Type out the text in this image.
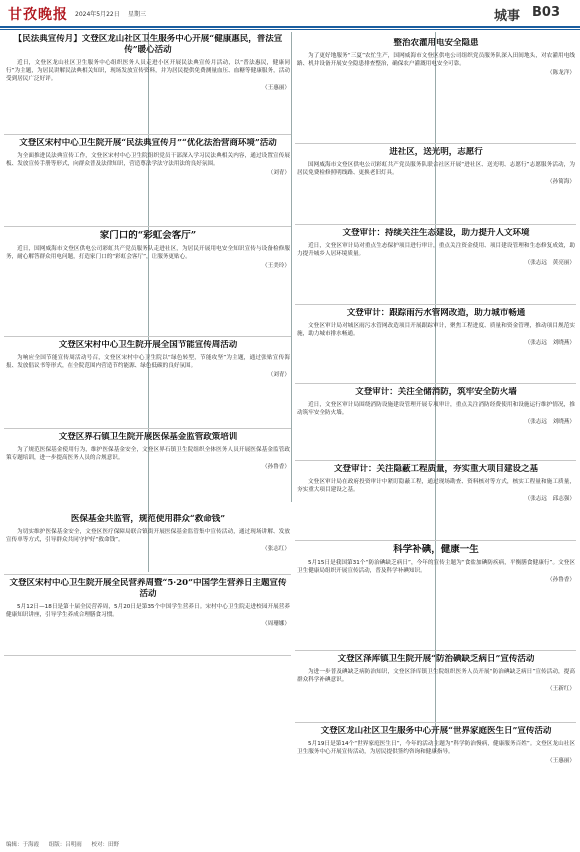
甘孜晚报 2024年5月22日 星期三	城事 B03
【民法典宣传月】文登区龙山社区卫生服务中心开展“健康惠民，普法宣传”暖心活动
近日，文登区龙山社区卫生服务中心组织医务人员走进小区开展民法典宣传月活动，以“普法惠民，健康同行”为主题，为居民讲解民法典相关知识，现场发放宣传资料，并为居民提供免费测量血压、血糖等健康服务，活动受到居民广泛好评。
（王惠丽）
文登区宋村中心卫生院开展“民法典宣传月”“优化法治营商环境”活动
为全面推进民法典宣传工作，文登区宋村中心卫生院组织党员干部深入学习民法典相关内容，通过设置宣传展板、发放宣传手册等形式，向群众普及法律知识，营造尊法学法守法用法的良好氛围。
（刘青）
家门口的“彩虹会客厅”
近日，国网威海市文登区供电公司彩虹共产党员服务队走进社区，为居民开展用电安全知识宣传与设备检修服务，耐心解答群众用电问题，打造家门口的“彩虹会客厅”，让服务更贴心。
（王美玲）
文登区宋村中心卫生院开展全国节能宣传周活动
为响应全国节能宣传周活动号召，文登区宋村中心卫生院以“绿色转型，节能攻坚”为主题，通过张贴宣传海报、发放倡议书等形式，在全院范围内营造节约能源、绿色低碳的良好氛围。
（刘青）
文登区界石镇卫生院开展医保基金监管政策培训
为了规范医保基金使用行为，维护医保基金安全，文登区界石镇卫生院组织全体医务人员开展医保基金监管政策专题培训，进一步提高医务人员的合规意识。
（孙鲁香）
医保基金共监管，规范使用群众“救命钱”
为切实维护医保基金安全，文登区医疗保障局联合镇街开展医保基金监管集中宣传活动，通过现场讲解、发放宣传单等方式，引导群众共同守护好“救命钱”。
（张志红）
文登区宋村中心卫生院开展全民营养周暨“5·20”中国学生营养日主题宣传活动
5月12日—18日是第十届全民营养周，5月20日是第35个中国学生营养日。宋村中心卫生院走进校园开展营养健康知识讲座，引导学生养成合理膳食习惯。
（周珊娜）
整治农灌用电安全隐患
为了更好地服务“三夏”农忙生产，国网威海市文登区供电公司组织党员服务队深入田间地头，对农灌用电线路、机井设备开展安全隐患排查整治，确保农户灌溉用电安全可靠。
（陈龙洋）
进社区，送光明，志愿行
国网威海市文登区供电公司彩虹共产党员服务队联合社区开展“进社区、送光明、志愿行”志愿服务活动，为居民免费检修照明线路、更换老旧灯具。
（孙简海）
文登审计：持续关注生态建设，助力提升人文环境
近日，文登区审计局对重点生态保护项目进行审计，重点关注资金使用、项目建设管理和生态修复成效，助力提升城乡人居环境质量。
（张志远　黄亮丽）
文登审计：跟踪雨污水管网改造，助力城市畅通
文登区审计局对城区雨污水管网改造项目开展跟踪审计，聚焦工程进度、质量和资金管理，推动项目规范实施，助力城市排水畅通。
（张志远　刘晓燕）
文登审计：关注全储消防，筑牢安全防火墙
近日，文登区审计局围绕消防设施建设管理开展专项审计，重点关注消防经费使用和设施运行维护情况，推动筑牢安全防火墙。
（张志远　刘晓燕）
文登审计：关注隐蔽工程质量，夯实重大项目建设之基
文登区审计局在政府投资审计中紧盯隐蔽工程，通过现场勘查、资料核对等方式，核实工程量和施工质量，夯实重大项目建设之基。
（张志远　邱志强）
科学补碘，健康一生
5月15日是我国第31个“防治碘缺乏病日”，今年的宣传主题为“食盐加碘防疾病，平衡膳食健康行”。文登区卫生健康局组织开展宣传活动，普及科学补碘知识。
（孙鲁香）
文登区泽库镇卫生院开展“防治碘缺乏病日”宣传活动
为进一步普及碘缺乏病防治知识，文登区泽库镇卫生院组织医务人员开展“防治碘缺乏病日”宣传活动，提高群众科学补碘意识。
（王新红）
文登区龙山社区卫生服务中心开展“世界家庭医生日”宣传活动
5月19日是第14个“世界家庭医生日”，今年的活动主题为“科学防治慢病，健康服务百姓”。文登区龙山社区卫生服务中心开展宣传活动，为居民提供签约咨询和健康指导。
（王惠丽）
编辑：于海霞 组版：吕明雨 校对：田野
